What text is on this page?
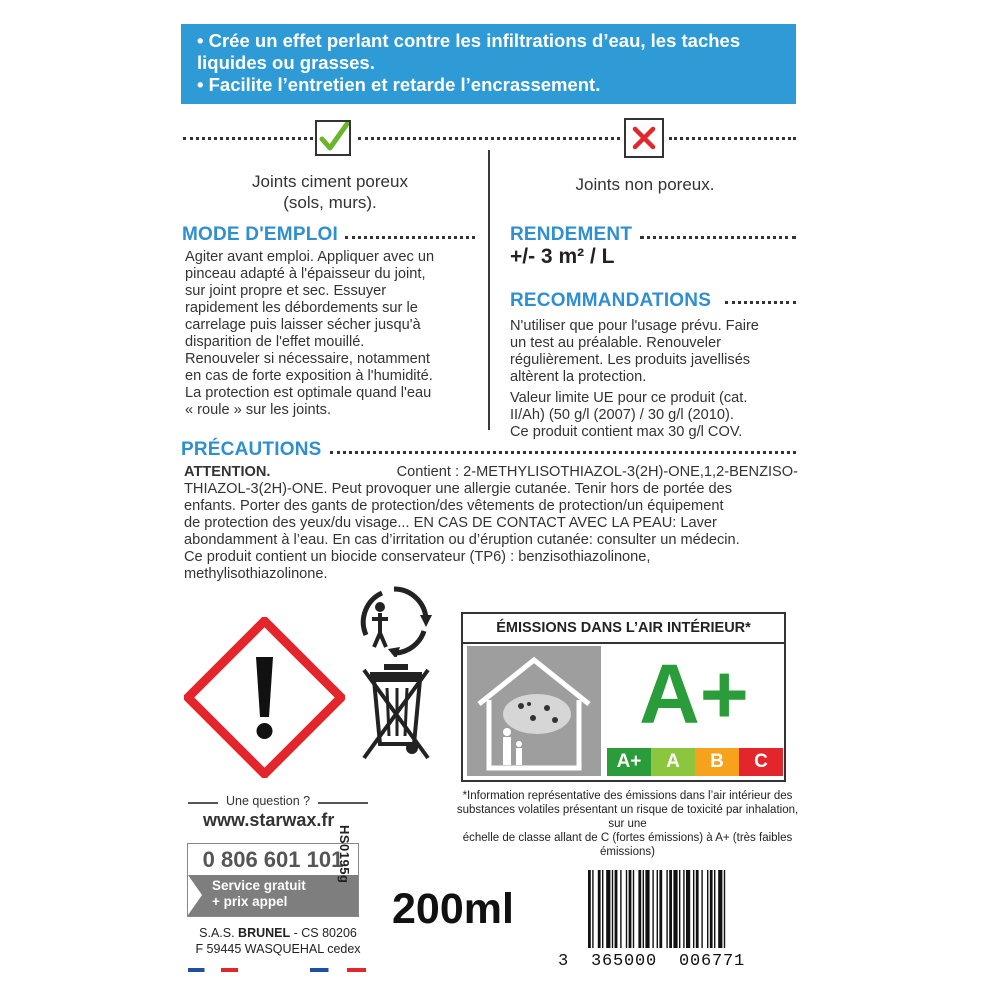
• Crée un effet perlant contre les infiltrations d’eau, les taches

liquides ou grasses.

• Facilite l’entretien et retarde l’encrassement.

Joints ciment poreux
(sols, murs).
Joints non poreux.
MODE D'EMPLOI

Agiter avant emploi. Appliquer avec un

pinceau adapté à l'épaisseur du joint,

sur joint propre et sec. Essuyer

rapidement les débordements sur le

carrelage puis laisser sécher jusqu'à

disparition de l'effet mouillé.

Renouveler si nécessaire, notamment

en cas de forte exposition à l'humidité.

La protection est optimale quand l'eau

« roule » sur les joints.

RENDEMENT
+/- 3 m² / L
RECOMMANDATIONS

N'utiliser que pour l'usage prévu. Faire

un test au préalable. Renouveler

régulièrement. Les produits javellisés

altèrent la protection.

Valeur limite UE pour ce produit (cat.

II/Ah) (50 g/l (2007) / 30 g/l (2010).

Ce produit contient max 30 g/l COV.

PRÉCAUTIONS

ATTENTION.	Contient : 2-METHYLISOTHIAZOL-3(2H)-ONE,1,2-BENZISO-

THIAZOL-3(2H)-ONE. Peut provoquer une allergie cutanée. Tenir hors de portée des

enfants. Porter des gants de protection/des vêtements de protection/un équipement

de protection des yeux/du visage... EN CAS DE CONTACT AVEC LA PEAU: Laver

abondamment à l’eau. En cas d’irritation ou d’éruption cutanée: consulter un médecin.

Ce produit contient un biocide conservateur (TP6) : benzisothiazolinone,

methylisothiazolinone.

ÉMISSIONS DANS L’AIR INTÉRIEUR*
A+
A+	A	B	C
*Information représentative des émissions dans l’air intérieur des
substances volatiles présentant un risque de toxicité par inhalation, sur une
échelle de classe allant de C (fortes émissions) à A+ (très faibles émissions)
Une question ?
www.starwax.fr
0 806 601 101
Service gratuit
+ prix appel
S.A.S. BRUNEL - CS 80206
F 59445 WASQUEHAL cedex
HS0195g
200ml
3  365000  006771
